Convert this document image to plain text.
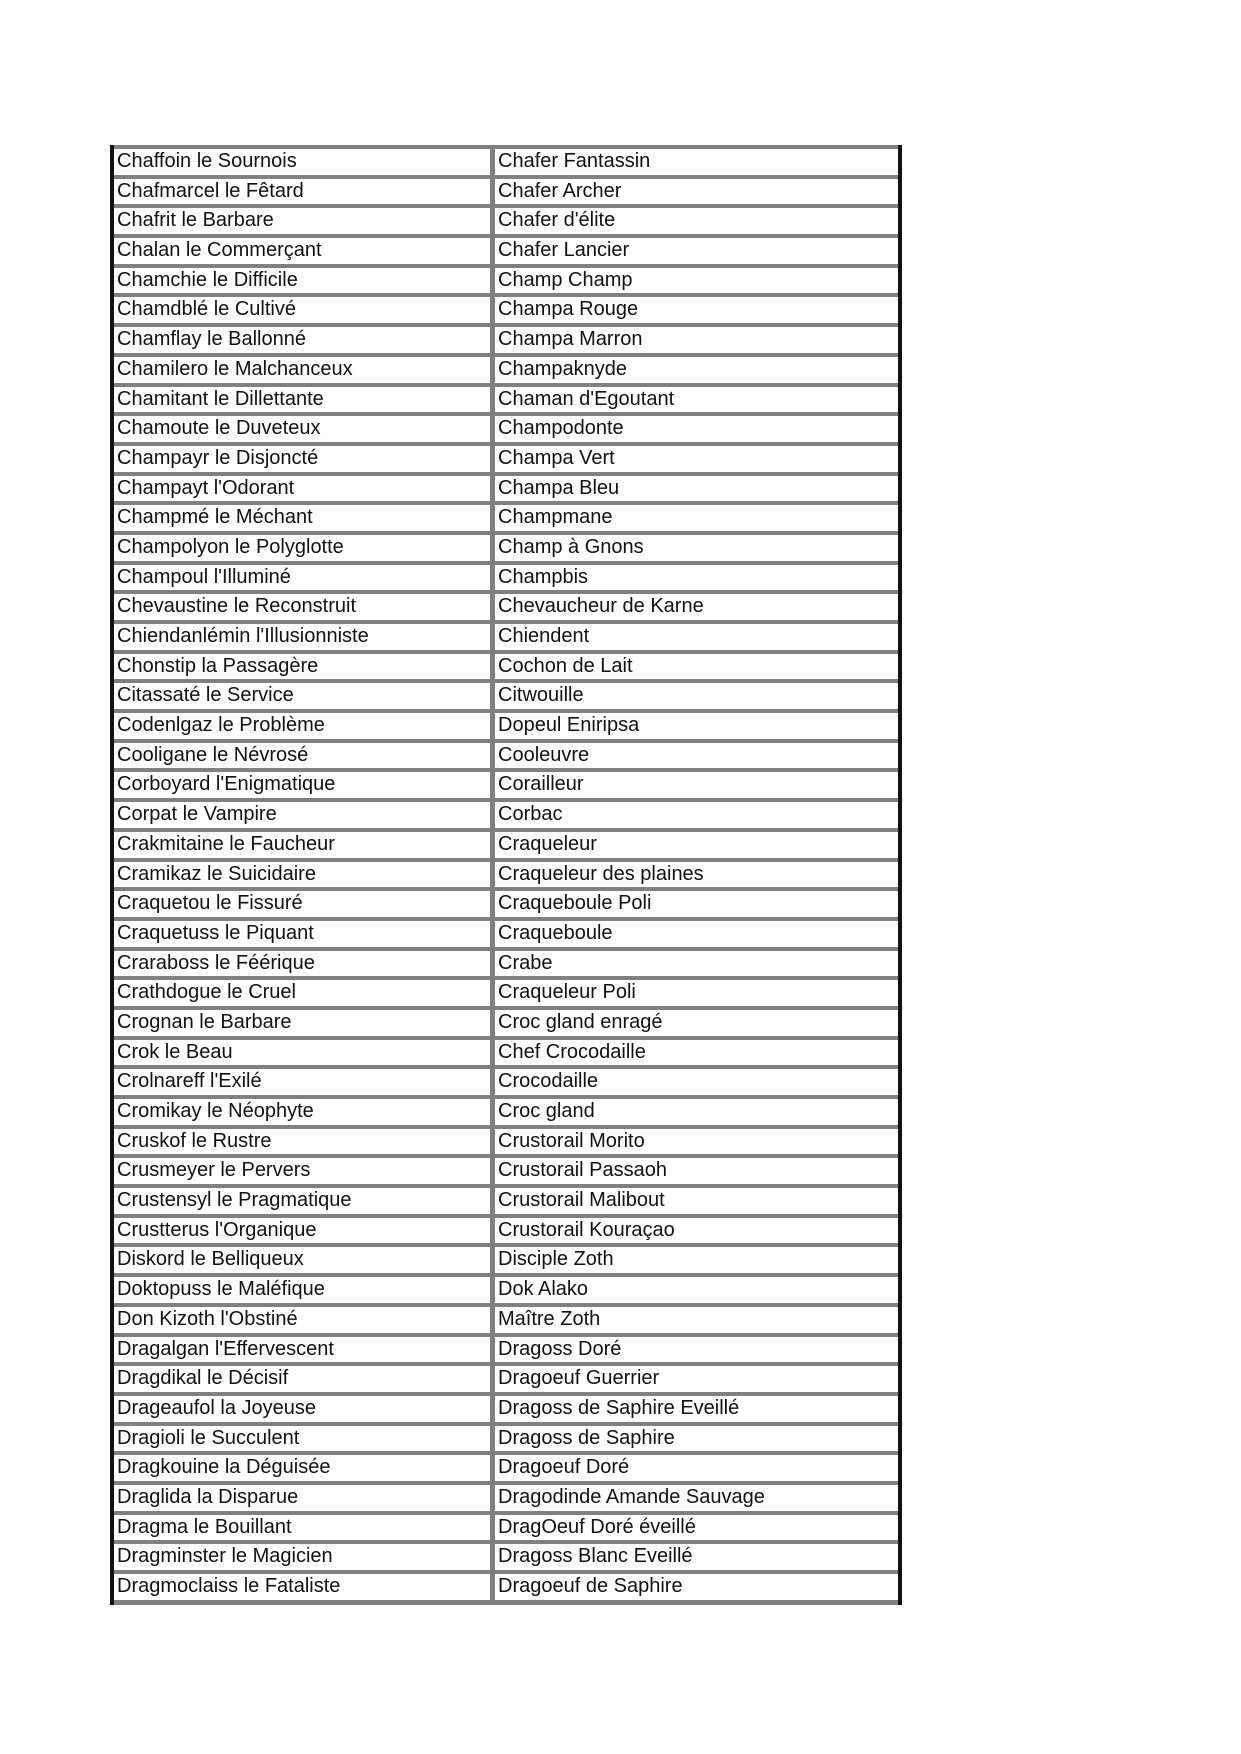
Chaffoin le Sournois	Chafer Fantassin
Chafmarcel le Fêtard	Chafer Archer
Chafrit le Barbare	Chafer d'élite
Chalan le Commerçant	Chafer Lancier
Chamchie le Difficile	Champ Champ
Chamdblé le Cultivé	Champa Rouge
Chamflay le Ballonné	Champa Marron
Chamilero le Malchanceux	Champaknyde
Chamitant le Dillettante	Chaman d'Egoutant
Chamoute le Duveteux	Champodonte
Champayr le Disjoncté	Champa Vert
Champayt l'Odorant	Champa Bleu
Champmé le Méchant	Champmane
Champolyon le Polyglotte	Champ à Gnons
Champoul l'Illuminé	Champbis
Chevaustine le Reconstruit	Chevaucheur de Karne
Chiendanlémin l'Illusionniste	Chiendent
Chonstip la Passagère	Cochon de Lait
Citassaté le Service	Citwouille
Codenlgaz le Problème	Dopeul Eniripsa
Cooligane le Névrosé	Cooleuvre
Corboyard l'Enigmatique	Corailleur
Corpat le Vampire	Corbac
Crakmitaine le Faucheur	Craqueleur
Cramikaz le Suicidaire	Craqueleur des plaines
Craquetou le Fissuré	Craqueboule Poli
Craquetuss le Piquant	Craqueboule
Craraboss le Féérique	Crabe
Crathdogue le Cruel	Craqueleur Poli
Crognan le Barbare	Croc gland enragé
Crok le Beau	Chef Crocodaille
Crolnareff l'Exilé	Crocodaille
Cromikay le Néophyte	Croc gland
Cruskof le Rustre	Crustorail Morito
Crusmeyer le Pervers	Crustorail Passaoh
Crustensyl le Pragmatique	Crustorail Malibout
Crustterus l'Organique	Crustorail Kouraçao
Diskord le Belliqueux	Disciple Zoth
Doktopuss le Maléfique	Dok Alako
Don Kizoth l'Obstiné	Maître Zoth
Dragalgan l'Effervescent	Dragoss Doré
Dragdikal le Décisif	Dragoeuf Guerrier
Drageaufol la Joyeuse	Dragoss de Saphire Eveillé
Dragioli le Succulent	Dragoss de Saphire
Dragkouine la Déguisée	Dragoeuf Doré
Draglida la Disparue	Dragodinde Amande Sauvage
Dragma le Bouillant	DragOeuf Doré éveillé
Dragminster le Magicien	Dragoss Blanc Eveillé
Dragmoclaiss le Fataliste	Dragoeuf de Saphire
